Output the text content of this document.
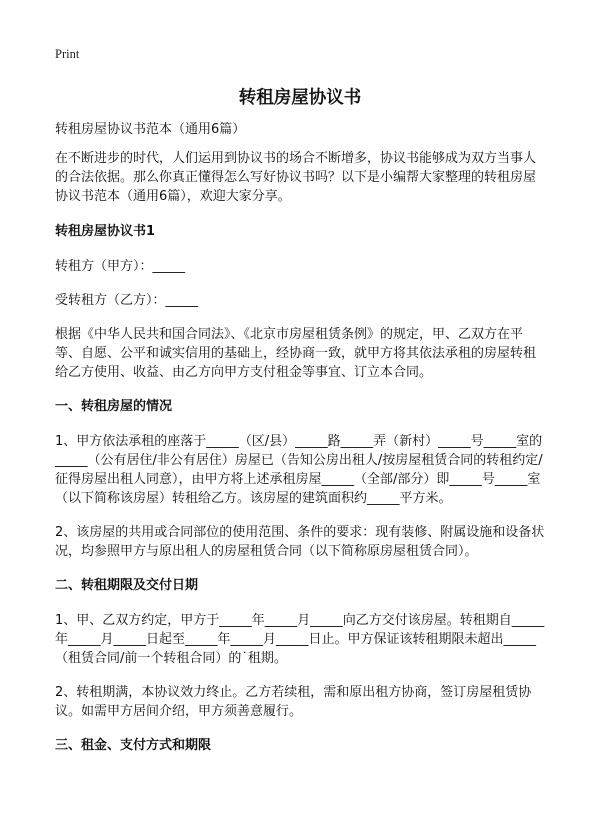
Print
转租房屋协议书

转租房屋协议书范本（通用6篇）

在不断进步的时代，人们运用到协议书的场合不断增多，协议书能够成为双方当事人的合法依据。那么你真正懂得怎么写好协议书吗？以下是小编帮大家整理的转租房屋协议书范本（通用6篇），欢迎大家分享。

转租房屋协议书1

转租方（甲方）：_____

受转租方（乙方）：_____

根据《中华人民共和国合同法》、《北京市房屋租赁条例》的规定，甲、乙双方在平等、自愿、公平和诚实信用的基础上，经协商一致，就甲方将其依法承租的房屋转租给乙方使用、收益、由乙方向甲方支付租金等事宜、订立本合同。

一、转租房屋的情况

1、甲方依法承租的座落于_____（区/县）_____路_____弄（新村）_____号_____室的_____（公有居住/非公有居住）房屋已（告知公房出租人/按房屋租赁合同的转租约定/征得房屋出租人同意），由甲方将上述承租房屋_____（全部/部分）即_____号_____室（以下简称该房屋）转租给乙方。该房屋的建筑面积约_____平方米。

2、该房屋的共用或合同部位的使用范围、条件的要求：现有装修、附属设施和设备状况，均参照甲方与原出租人的房屋租赁合同（以下简称原房屋租赁合同）。

二、转租期限及交付日期

1、甲、乙双方约定，甲方于_____年_____月_____向乙方交付该房屋。转租期自_____年_____月_____日起至_____年_____月_____日止。甲方保证该转租期限未超出_____（租赁合同/前一个转租合同）的˙租期。

2、转租期满，本协议效力终止。乙方若续租，需和原出租方协商，签订房屋租赁协议。如需甲方居间介绍，甲方须善意履行。

三、租金、支付方式和期限
